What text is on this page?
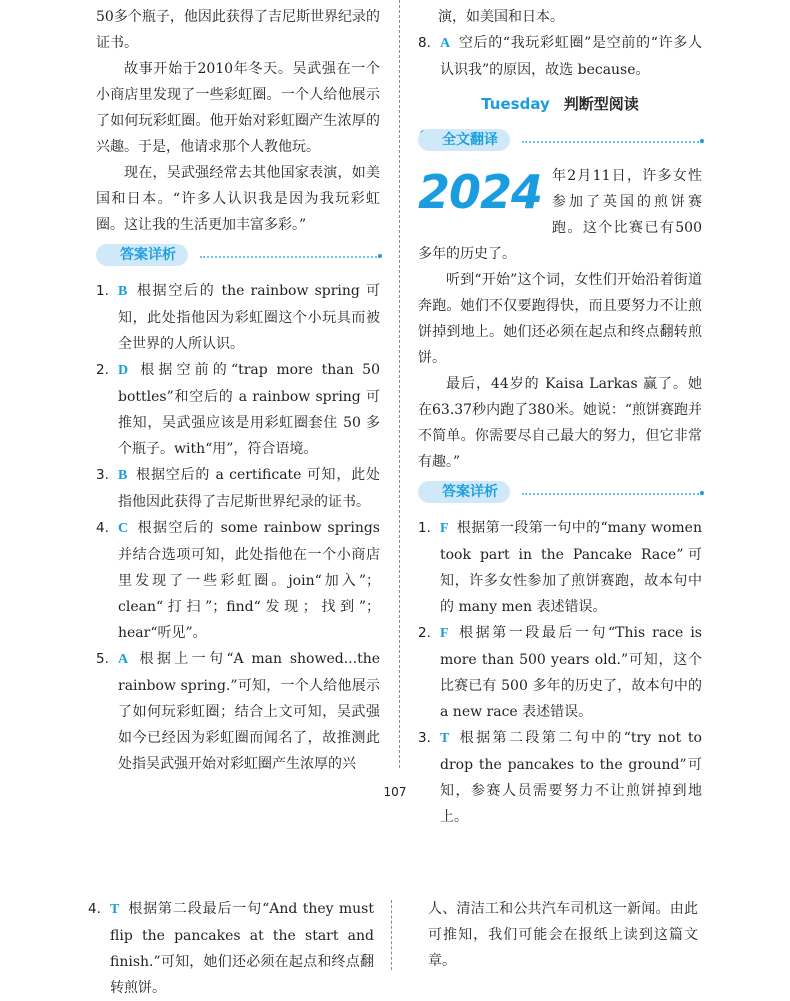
50多个瓶子，他因此获得了吉尼斯世界纪录的证书。

故事开始于2010年冬天。吴武强在一个小商店里发现了一些彩虹圈。一个人给他展示了如何玩彩虹圈。他开始对彩虹圈产生浓厚的兴趣。于是，他请求那个人教他玩。

现在，吴武强经常去其他国家表演，如美国和日本。“许多人认识我是因为我玩彩虹圈。这让我的生活更加丰富多彩。”

答案详析
1. B 根据空后的 the rainbow spring 可知，此处指他因为彩虹圈这个小玩具而被全世界的人所认识。
2. D 根据空前的“trap more than 50 bottles”和空后的 a rainbow spring 可推知，吴武强应该是用彩虹圈套住 50 多个瓶子。with“用”，符合语境。
3. B 根据空后的 a certificate 可知，此处指他因此获得了吉尼斯世界纪录的证书。
4. C 根据空后的 some rainbow springs 并结合选项可知，此处指他在一个小商店里发现了一些彩虹圈。join“加入”；clean“打扫”；find“发现；找到”；hear“听见”。
5. A 根据上一句“A man showed...the rainbow spring.”可知，一个人给他展示了如何玩彩虹圈；结合上文可知，吴武强如今已经因为彩虹圈而闻名了，故推测此处指吴武强开始对彩虹圈产生浓厚的兴

演，如美国和日本。

8. A 空后的“我玩彩虹圈”是空前的“许多人认识我”的原因，故选 because。
Tuesday 判断型阅读
全文翻译
2024 年2月11日，许多女性参加了英国的煎饼赛跑。这个比赛已有500多年的历史了。

听到“开始”这个词，女性们开始沿着街道奔跑。她们不仅要跑得快，而且要努力不让煎饼掉到地上。她们还必须在起点和终点翻转煎饼。

最后，44岁的 Kaisa Larkas 赢了。她在63.37秒内跑了380米。她说：“煎饼赛跑并不简单。你需要尽自己最大的努力，但它非常有趣。”

答案详析
1. F 根据第一段第一句中的“many women took part in the Pancake Race”可知，许多女性参加了煎饼赛跑，故本句中的 many men 表述错误。
2. F 根据第一段最后一句“This race is more than 500 years old.”可知，这个比赛已有 500 多年的历史了，故本句中的 a new race 表述错误。
3. T 根据第二段第二句中的“try not to drop the pancakes to the ground”可知，参赛人员需要努力不让煎饼掉到地上。
107
4. T 根据第二段最后一句“And they must flip the pancakes at the start and finish.”可知，她们还必须在起点和终点翻转煎饼。

人、清洁工和公共汽车司机这一新闻。由此可推知，我们可能会在报纸上读到这篇文章。
